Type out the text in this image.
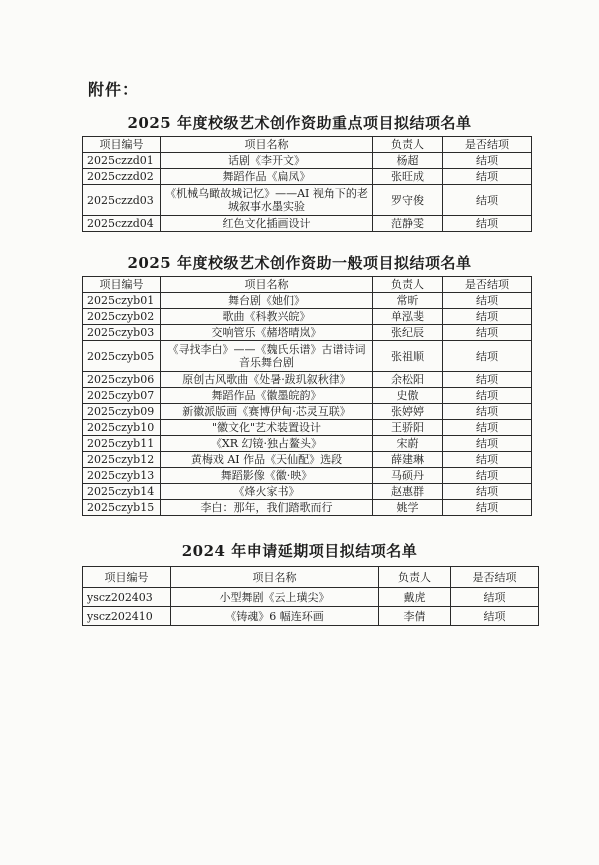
附件：
2025 年度校级艺术创作资助重点项目拟结项名单
项目编号	项目名称	负责人	是否结项
2025czzd01	话剧《李开文》	杨超	结项
2025czzd02	舞蹈作品《扁凤》	张旺成	结项
2025czzd03	《机械乌瞰故城记忆》——AI 视角下的老城叙事水墨实验	罗守俊	结项
2025czzd04	红色文化插画设计	范静雯	结项
2025 年度校级艺术创作资助一般项目拟结项名单
项目编号	项目名称	负责人	是否结项
2025czyb01	舞台剧《她们》	常昕	结项
2025czyb02	歌曲《科教兴皖》	单泓斐	结项
2025czyb03	交响管乐《赭塔晴岚》	张纪辰	结项
2025czyb05	《寻找李白》——《魏氏乐谱》古谱诗词音乐舞台剧	张祖顺	结项
2025czyb06	原创古风歌曲《处暑·跋玑叙秋律》	余松阳	结项
2025czyb07	舞蹈作品《徽墨皖韵》	史傲	结项
2025czyb09	新徽派版画《赛博伊甸·芯灵互联》	张婷婷	结项
2025czyb10	"徽文化"艺术装置设计	王骄阳	结项
2025czyb11	《XR 幻镜·独占鳌头》	宋蔚	结项
2025czyb12	黄梅戏 AI 作品《天仙配》选段	薛建琳	结项
2025czyb13	舞蹈影像《徽·映》	马硕丹	结项
2025czyb14	《烽火家书》	赵惠群	结项
2025czyb15	李白：那年，我们踏歌而行	姚学	结项
2024 年申请延期项目拟结项名单
项目编号	项目名称	负责人	是否结项
yscz202403	小型舞剧《云上璜尖》	戴虎	结项
yscz202410	《铸魂》6 幅连环画	李倩	结项
